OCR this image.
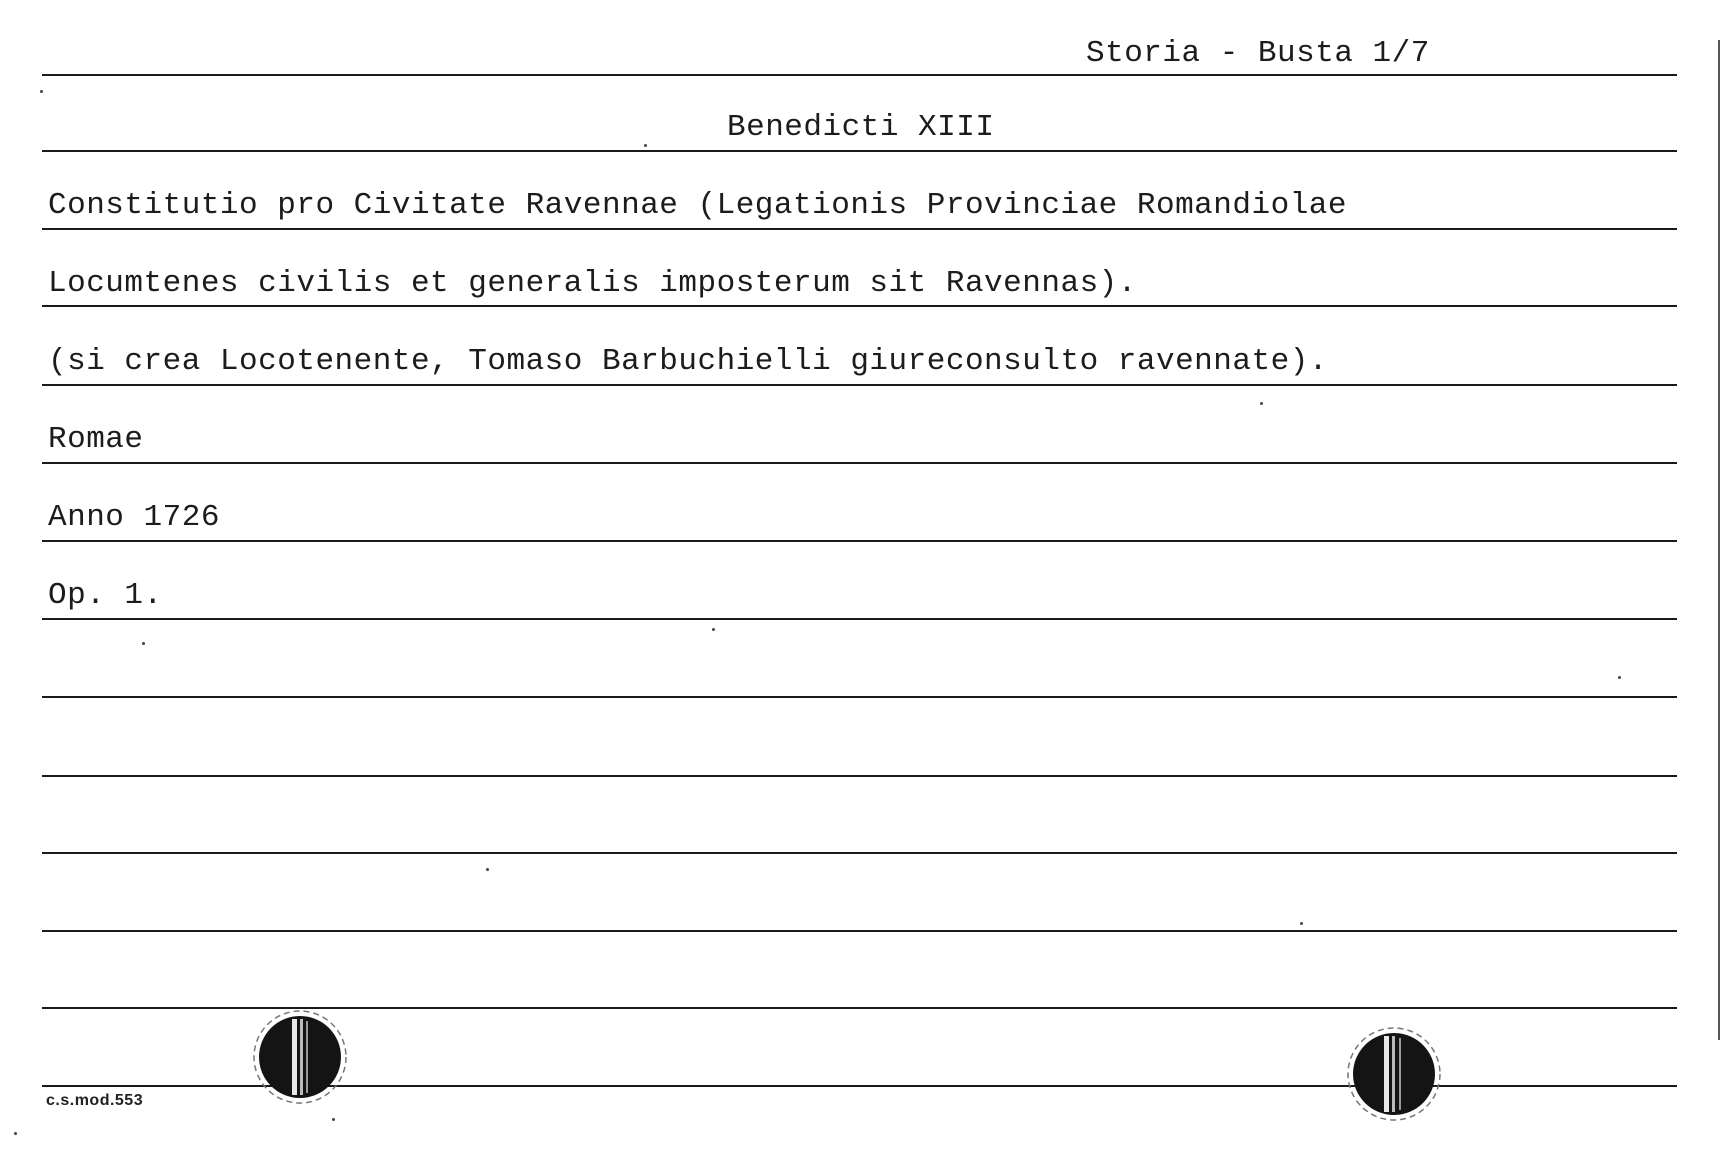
Storia - Busta 1/7
Benedicti XIII
Constitutio pro Civitate Ravennae (Legationis Provinciae Romandiolae
Locumtenes civilis et generalis imposterum sit Ravennas).
(si crea Locotenente, Tomaso Barbuchielli giureconsulto ravennate).
Romae
Anno 1726
Op. 1.
c.s.mod.553
